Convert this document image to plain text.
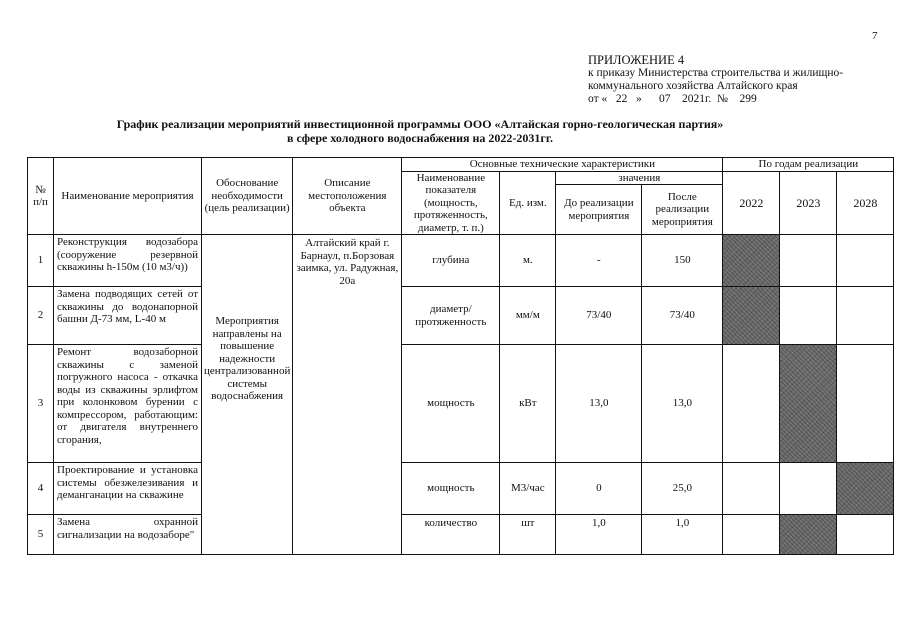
7
ПРИЛОЖЕНИЕ 4
к приказу Министерства строительства и жилищно-
коммунального хозяйства Алтайского края
от «   22   »      07    2021г.  №    299
График реализации мероприятий инвестиционной программы ООО «Алтайская горно-геологическая партия»
в сфере холодного водоснабжения на 2022-2031гг.
№ п/п	Наименование мероприятия	Обоснование необходимости (цель реализации)	Описание местоположения объекта	Основные технические характеристики				По годам реализации		
				Наименование показателя (мощность, протяженность, диаметр, т. п.)	Ед. изм.	значения		2022	2023	2028
						До реализации мероприятия	После реализации мероприятия			
1	Реконструкция водозабора (сооружение резервной скважины h-150м (10 м3/ч))	Мероприятия направлены на повышение надежности централизованной системы водоснабжения	Алтайский край г. Барнаул, п.Борзовая заимка, ул. Радужная, 20а	глубина	м.	-	150			
2	Замена подводящих сетей от скважины до водонапорной башни Д-73 мм, L-40 м			диаметр/ протяженность	мм/м	73/40	73/40			
3	Ремонт водозаборной скважины с заменой погружного насоса - откачка воды из скважины эрлифтом при колонковом бурении с компрессором, работающим: от двигателя внутреннего сгорания,			мощность	кВт	13,0	13,0			
4	Проектирование и установка системы обезжелезивания и деманганации на скважине			мощность	М3/час	0	25,0			
5	Замена охранной сигнализации на водозаборе"			количество	шт	1,0	1,0			
